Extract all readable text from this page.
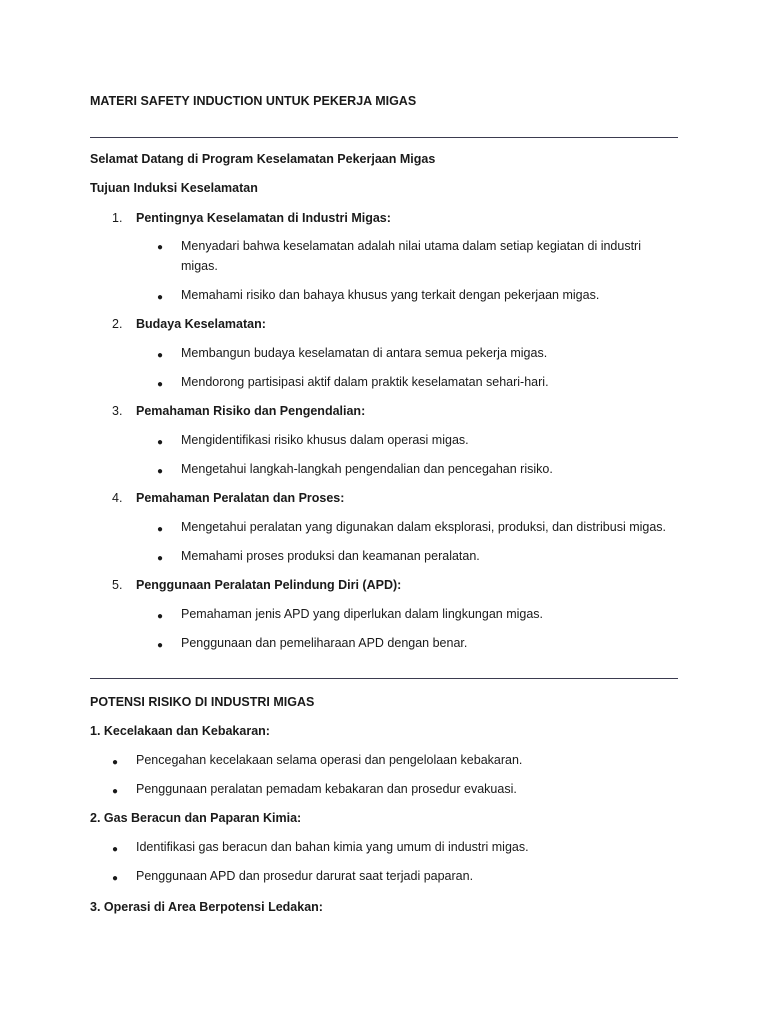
MATERI SAFETY INDUCTION UNTUK PEKERJA MIGAS
Selamat Datang di Program Keselamatan Pekerjaan Migas
Tujuan Induksi Keselamatan
1. Pentingnya Keselamatan di Industri Migas:
● Menyadari bahwa keselamatan adalah nilai utama dalam setiap kegiatan di industri migas.
● Memahami risiko dan bahaya khusus yang terkait dengan pekerjaan migas.
2. Budaya Keselamatan:
● Membangun budaya keselamatan di antara semua pekerja migas.
● Mendorong partisipasi aktif dalam praktik keselamatan sehari-hari.
3. Pemahaman Risiko dan Pengendalian:
● Mengidentifikasi risiko khusus dalam operasi migas.
● Mengetahui langkah-langkah pengendalian dan pencegahan risiko.
4. Pemahaman Peralatan dan Proses:
● Mengetahui peralatan yang digunakan dalam eksplorasi, produksi, dan distribusi migas.
● Memahami proses produksi dan keamanan peralatan.
5. Penggunaan Peralatan Pelindung Diri (APD):
● Pemahaman jenis APD yang diperlukan dalam lingkungan migas.
● Penggunaan dan pemeliharaan APD dengan benar.
POTENSI RISIKO DI INDUSTRI MIGAS
1. Kecelakaan dan Kebakaran:
● Pencegahan kecelakaan selama operasi dan pengelolaan kebakaran.
● Penggunaan peralatan pemadam kebakaran dan prosedur evakuasi.
2. Gas Beracun dan Paparan Kimia:
● Identifikasi gas beracun dan bahan kimia yang umum di industri migas.
● Penggunaan APD dan prosedur darurat saat terjadi paparan.
3. Operasi di Area Berpotensi Ledakan:
